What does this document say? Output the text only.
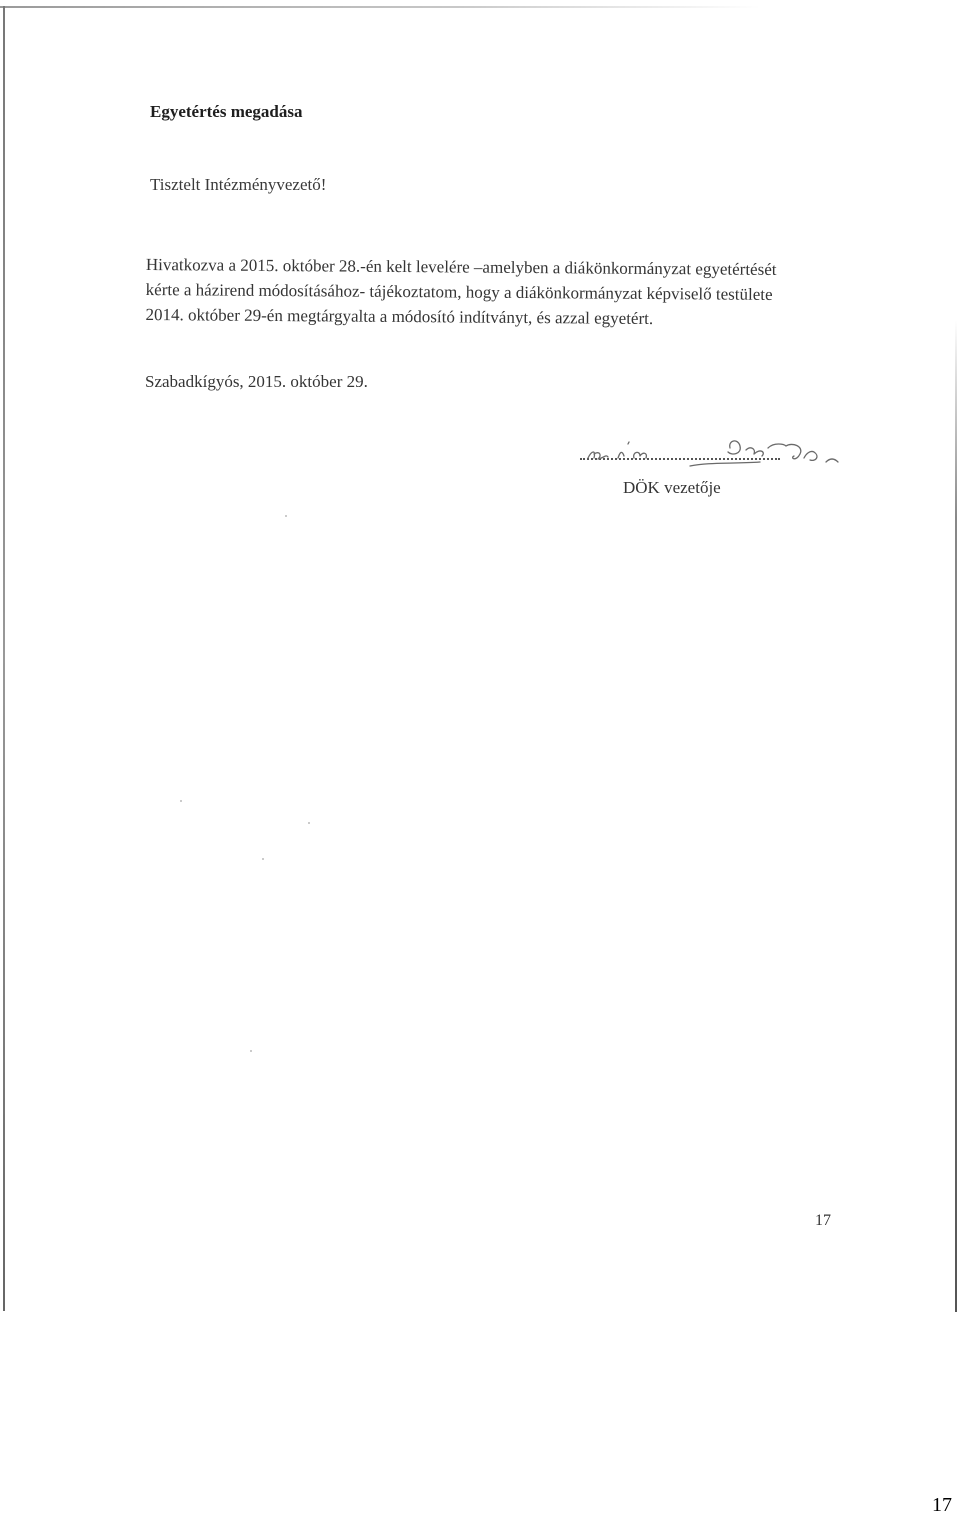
Egyetértés megadása
Tisztelt Intézményvezető!
Hivatkozva a 2015. október 28.-én kelt levelére –amelyben a diákönkormányzat egyetértését
kérte a házirend módosításához- tájékoztatom, hogy a diákönkormányzat képviselő testülete
2014. október 29-én megtárgyalta a módosító indítványt, és azzal egyetért.
Szabadkígyós, 2015. október 29.
DÖK vezetője
17
17
